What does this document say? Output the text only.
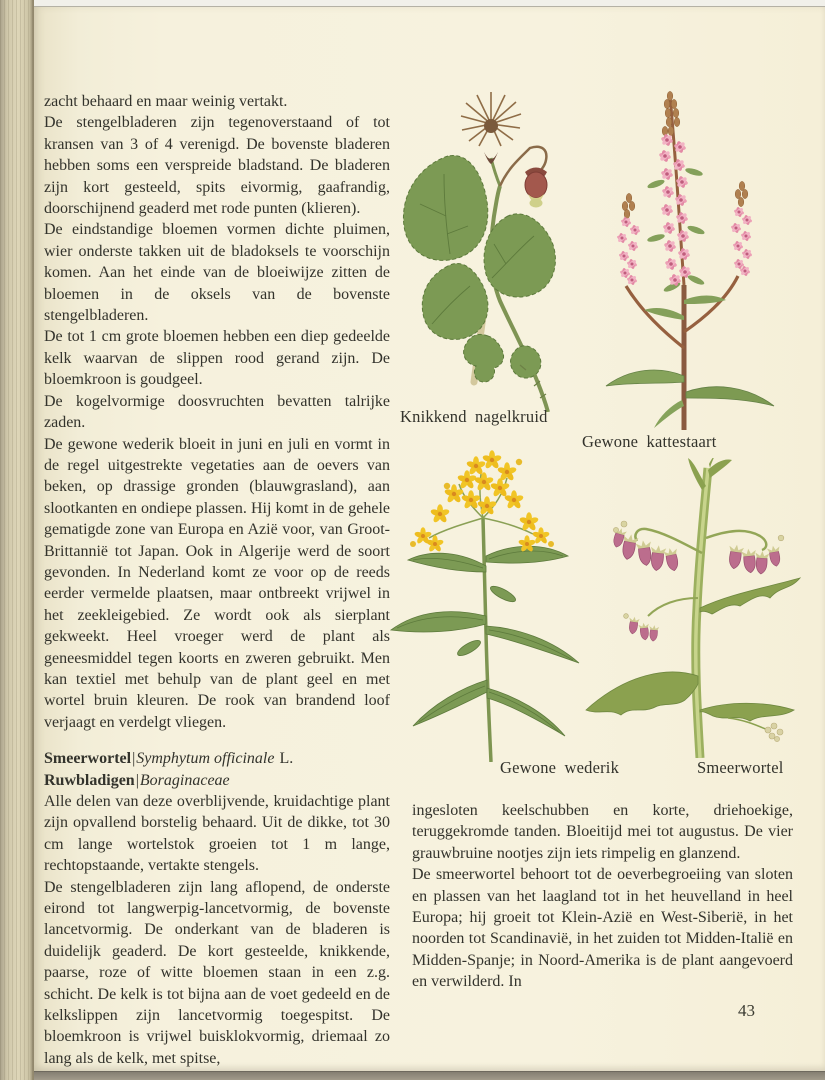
zacht behaard en maar weinig vertakt.

De stengelbladeren zijn tegenoverstaand of tot kransen van 3 of 4 verenigd. De bovenste bladeren hebben soms een verspreide bladstand. De bladeren zijn kort gesteeld, spits eivormig, gaafrandig, doorschijnend geaderd met rode punten (klieren).

De eindstandige bloemen vormen dichte pluimen, wier onderste takken uit de bladoksels te voorschijn komen. Aan het einde van de bloeiwijze zitten de bloemen in de oksels van de bovenste stengelbladeren.

De tot 1 cm grote bloemen hebben een diep gedeelde kelk waarvan de slippen rood gerand zijn. De bloemkroon is goudgeel.

De kogelvormige doosvruchten bevatten talrijke zaden.

De gewone wederik bloeit in juni en juli en vormt in de regel uitgestrekte vegetaties aan de oevers van beken, op drassige gronden (blauwgrasland), aan slootkanten en ondiepe plassen. Hij komt in de gehele gematigde zone van Europa en Azië voor, van Groot-Brittannië tot Japan. Ook in Algerije werd de soort gevonden. In Nederland komt ze voor op de reeds eerder vermelde plaatsen, maar ontbreekt vrijwel in het zeekleigebied. Ze wordt ook als sierplant gekweekt. Heel vroeger werd de plant als geneesmiddel tegen koorts en zweren gebruikt. Men kan textiel met behulp van de plant geel en met wortel bruin kleuren. De rook van brandend loof verjaagt en verdelgt vliegen.

Smeerwortel|Symphytum officinale L.

Ruwbladigen|Boraginaceae

Alle delen van deze overblijvende, kruidachtige plant zijn opvallend borstelig behaard. Uit de dikke, tot 30 cm lange wortelstok groeien tot 1 m lange, rechtopstaande, vertakte stengels.

De stengelbladeren zijn lang aflopend, de onderste eirond tot langwerpig-lancetvormig, de bovenste lancetvormig. De onderkant van de bladeren is duidelijk geaderd. De kort gesteelde, knikkende, paarse, roze of witte bloemen staan in een z.g. schicht. De kelk is tot bijna aan de voet gedeeld en de kelkslippen zijn lancetvormig toegespitst. De bloemkroon is vrijwel buisklokvormig, driemaal zo lang als de kelk, met spitse,

ingesloten keelschubben en korte, driehoekige, teruggekromde tanden. Bloeitijd mei tot augustus. De vier grauwbruine nootjes zijn iets rimpelig en glanzend.

De smeerwortel behoort tot de oeverbegroeiing van sloten en plassen van het laagland tot in het heuvelland in heel Europa; hij groeit tot Klein-Azië en West-Siberië, in het noorden tot Scandinavië, in het zuiden tot Midden-Italië en Midden-Spanje; in Noord-Amerika is de plant aangevoerd en verwilderd. In

Knikkend nagelkruid
Gewone kattestaart
Gewone wederik	Smeerwortel
43
